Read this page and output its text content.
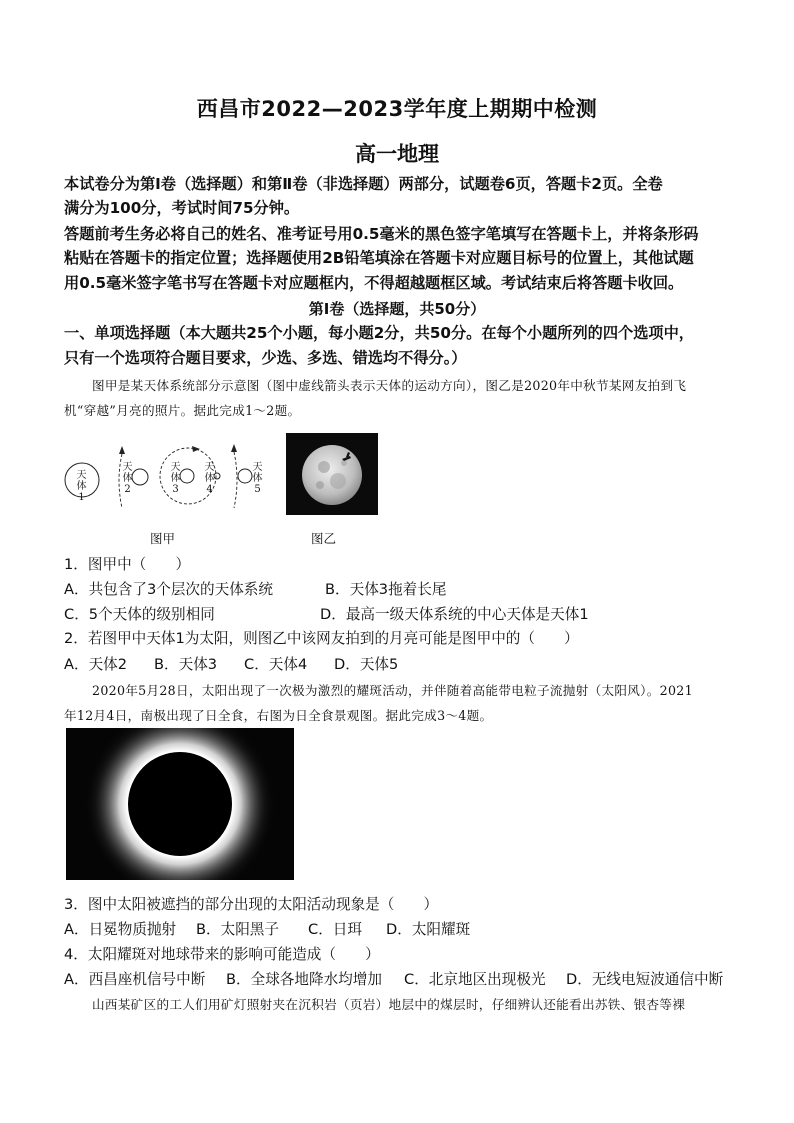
西昌市2022—2023学年度上期期中检测
高一地理
本试卷分为第Ⅰ卷（选择题）和第Ⅱ卷（非选择题）两部分，试题卷6页，答题卡2页。全卷
满分为100分，考试时间75分钟。
答题前考生务必将自己的姓名、准考证号用0.5毫米的黑色签字笔填写在答题卡上，并将条形码
粘贴在答题卡的指定位置；选择题使用2B铅笔填涂在答题卡对应题目标号的位置上，其他试题
用0.5毫米签字笔书写在答题卡对应题框内，不得超越题框区域。考试结束后将答题卡收回。
第Ⅰ卷（选择题，共50分）
一、单项选择题（本大题共25个小题，每小题2分，共50分。在每个小题所列的四个选项中，
只有一个选项符合题目要求，少选、多选、错选均不得分。）
图甲是某天体系统部分示意图（图中虚线箭头表示天体的运动方向），图乙是2020年中秋节某网友拍到飞
机“穿越”月亮的照片。据此完成1～2题。
天体1
天体2
天体3
天体4
天体5
图甲	图乙
1．图甲中（　　）
A．共包含了3个层次的天体系统	B．天体3拖着长尾
C．5个天体的级别相同	D．最高一级天体系统的中心天体是天体1
2．若图甲中天体1为太阳，则图乙中该网友拍到的月亮可能是图甲中的（　　）
A．天体2 B．天体3 C．天体4 D．天体5
2020年5月28日，太阳出现了一次极为激烈的耀斑活动，并伴随着高能带电粒子流抛射（太阳风）。2021
年12月4日，南极出现了日全食，右图为日全食景观图。据此完成3～4题。
3．图中太阳被遮挡的部分出现的太阳活动现象是（　　）
A．日冕物质抛射 B．太阳黑子 C．日珥 D．太阳耀斑
4．太阳耀斑对地球带来的影响可能造成（　　）
A．西昌座机信号中断 B．全球各地降水均增加 C．北京地区出现极光 D．无线电短波通信中断
山西某矿区的工人们用矿灯照射夹在沉积岩（页岩）地层中的煤层时，仔细辨认还能看出苏铁、银杏等裸
